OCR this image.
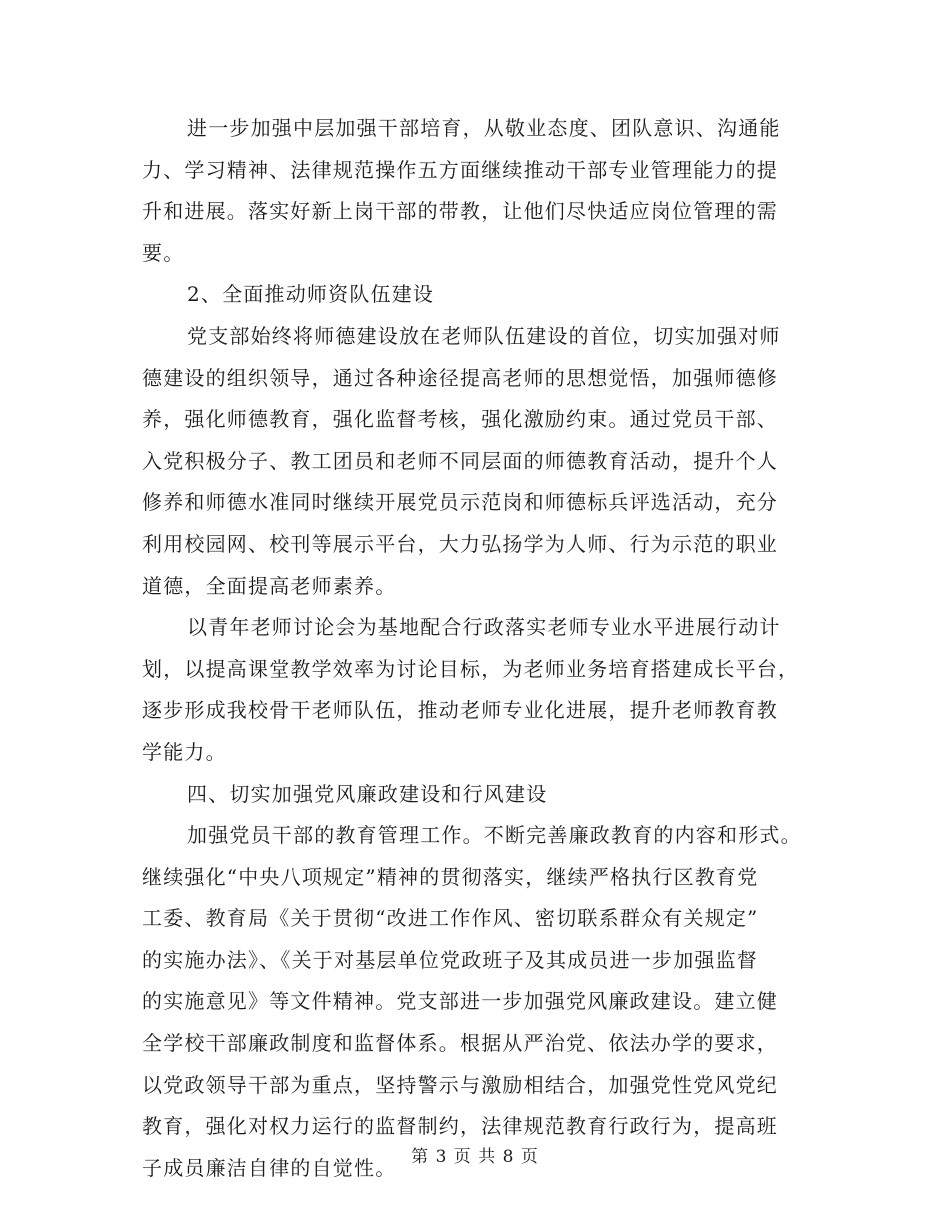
进一步加强中层加强干部培育，从敬业态度、团队意识、沟通能
力、学习精神、法律规范操作五方面继续推动干部专业管理能力的提
升和进展。落实好新上岗干部的带教，让他们尽快适应岗位管理的需
要。
2、全面推动师资队伍建设
党支部始终将师德建设放在老师队伍建设的首位，切实加强对师
德建设的组织领导，通过各种途径提高老师的思想觉悟，加强师德修
养，强化师德教育，强化监督考核，强化激励约束。通过党员干部、
入党积极分子、教工团员和老师不同层面的师德教育活动，提升个人
修养和师德水准同时继续开展党员示范岗和师德标兵评选活动，充分
利用校园网、校刊等展示平台，大力弘扬学为人师、行为示范的职业
道德，全面提高老师素养。
以青年老师讨论会为基地配合行政落实老师专业水平进展行动计
划，以提高课堂教学效率为讨论目标，为老师业务培育搭建成长平台，
逐步形成我校骨干老师队伍，推动老师专业化进展，提升老师教育教
学能力。
四、切实加强党风廉政建设和行风建设
加强党员干部的教育管理工作。不断完善廉政教育的内容和形式。
继续强化“中央八项规定”精神的贯彻落实，继续严格执行区教育党
工委、教育局《关于贯彻“改进工作作风、密切联系群众有关规定”
的实施办法》、《关于对基层单位党政班子及其成员进一步加强监督
的实施意见》等文件精神。党支部进一步加强党风廉政建设。建立健
全学校干部廉政制度和监督体系。根据从严治党、依法办学的要求，
以党政领导干部为重点，坚持警示与激励相结合，加强党性党风党纪
教育，强化对权力运行的监督制约，法律规范教育行政行为，提高班
子成员廉洁自律的自觉性。 第 3 页 共 8 页
